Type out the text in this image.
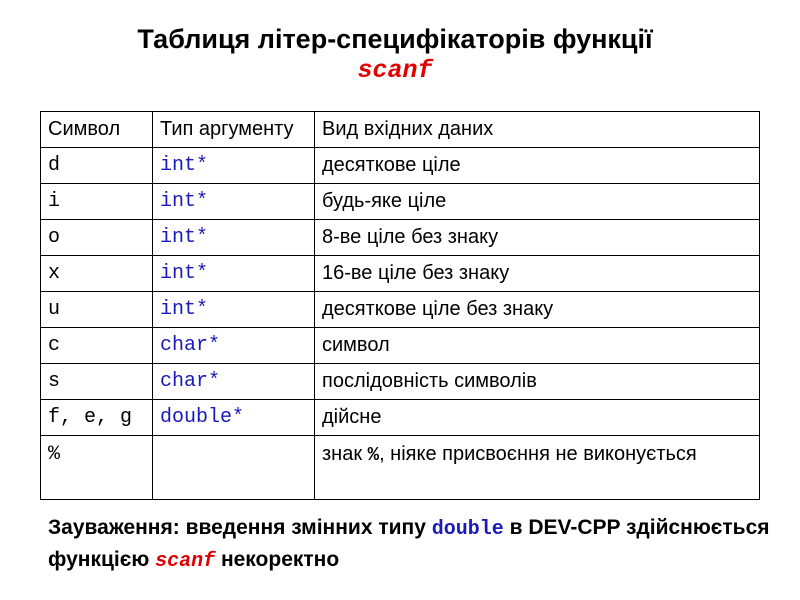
Таблиця літер-специфікаторів функції
scanf
Символ	Тип аргументу	Вид вхідних даних
d	int*	десяткове ціле
i	int*	будь-яке ціле
o	int*	8-ве ціле без знаку
x	int*	16-ве ціле без знаку
u	int*	десяткове ціле без знаку
c	char*	символ
s	char*	послідовність символів
f, e, g	double*	дійсне
%		знак %, ніяке присвоєння не виконується
Зауваження: введення змінних типу double в DEV-CPP здійснюється функцією scanf некоректно
